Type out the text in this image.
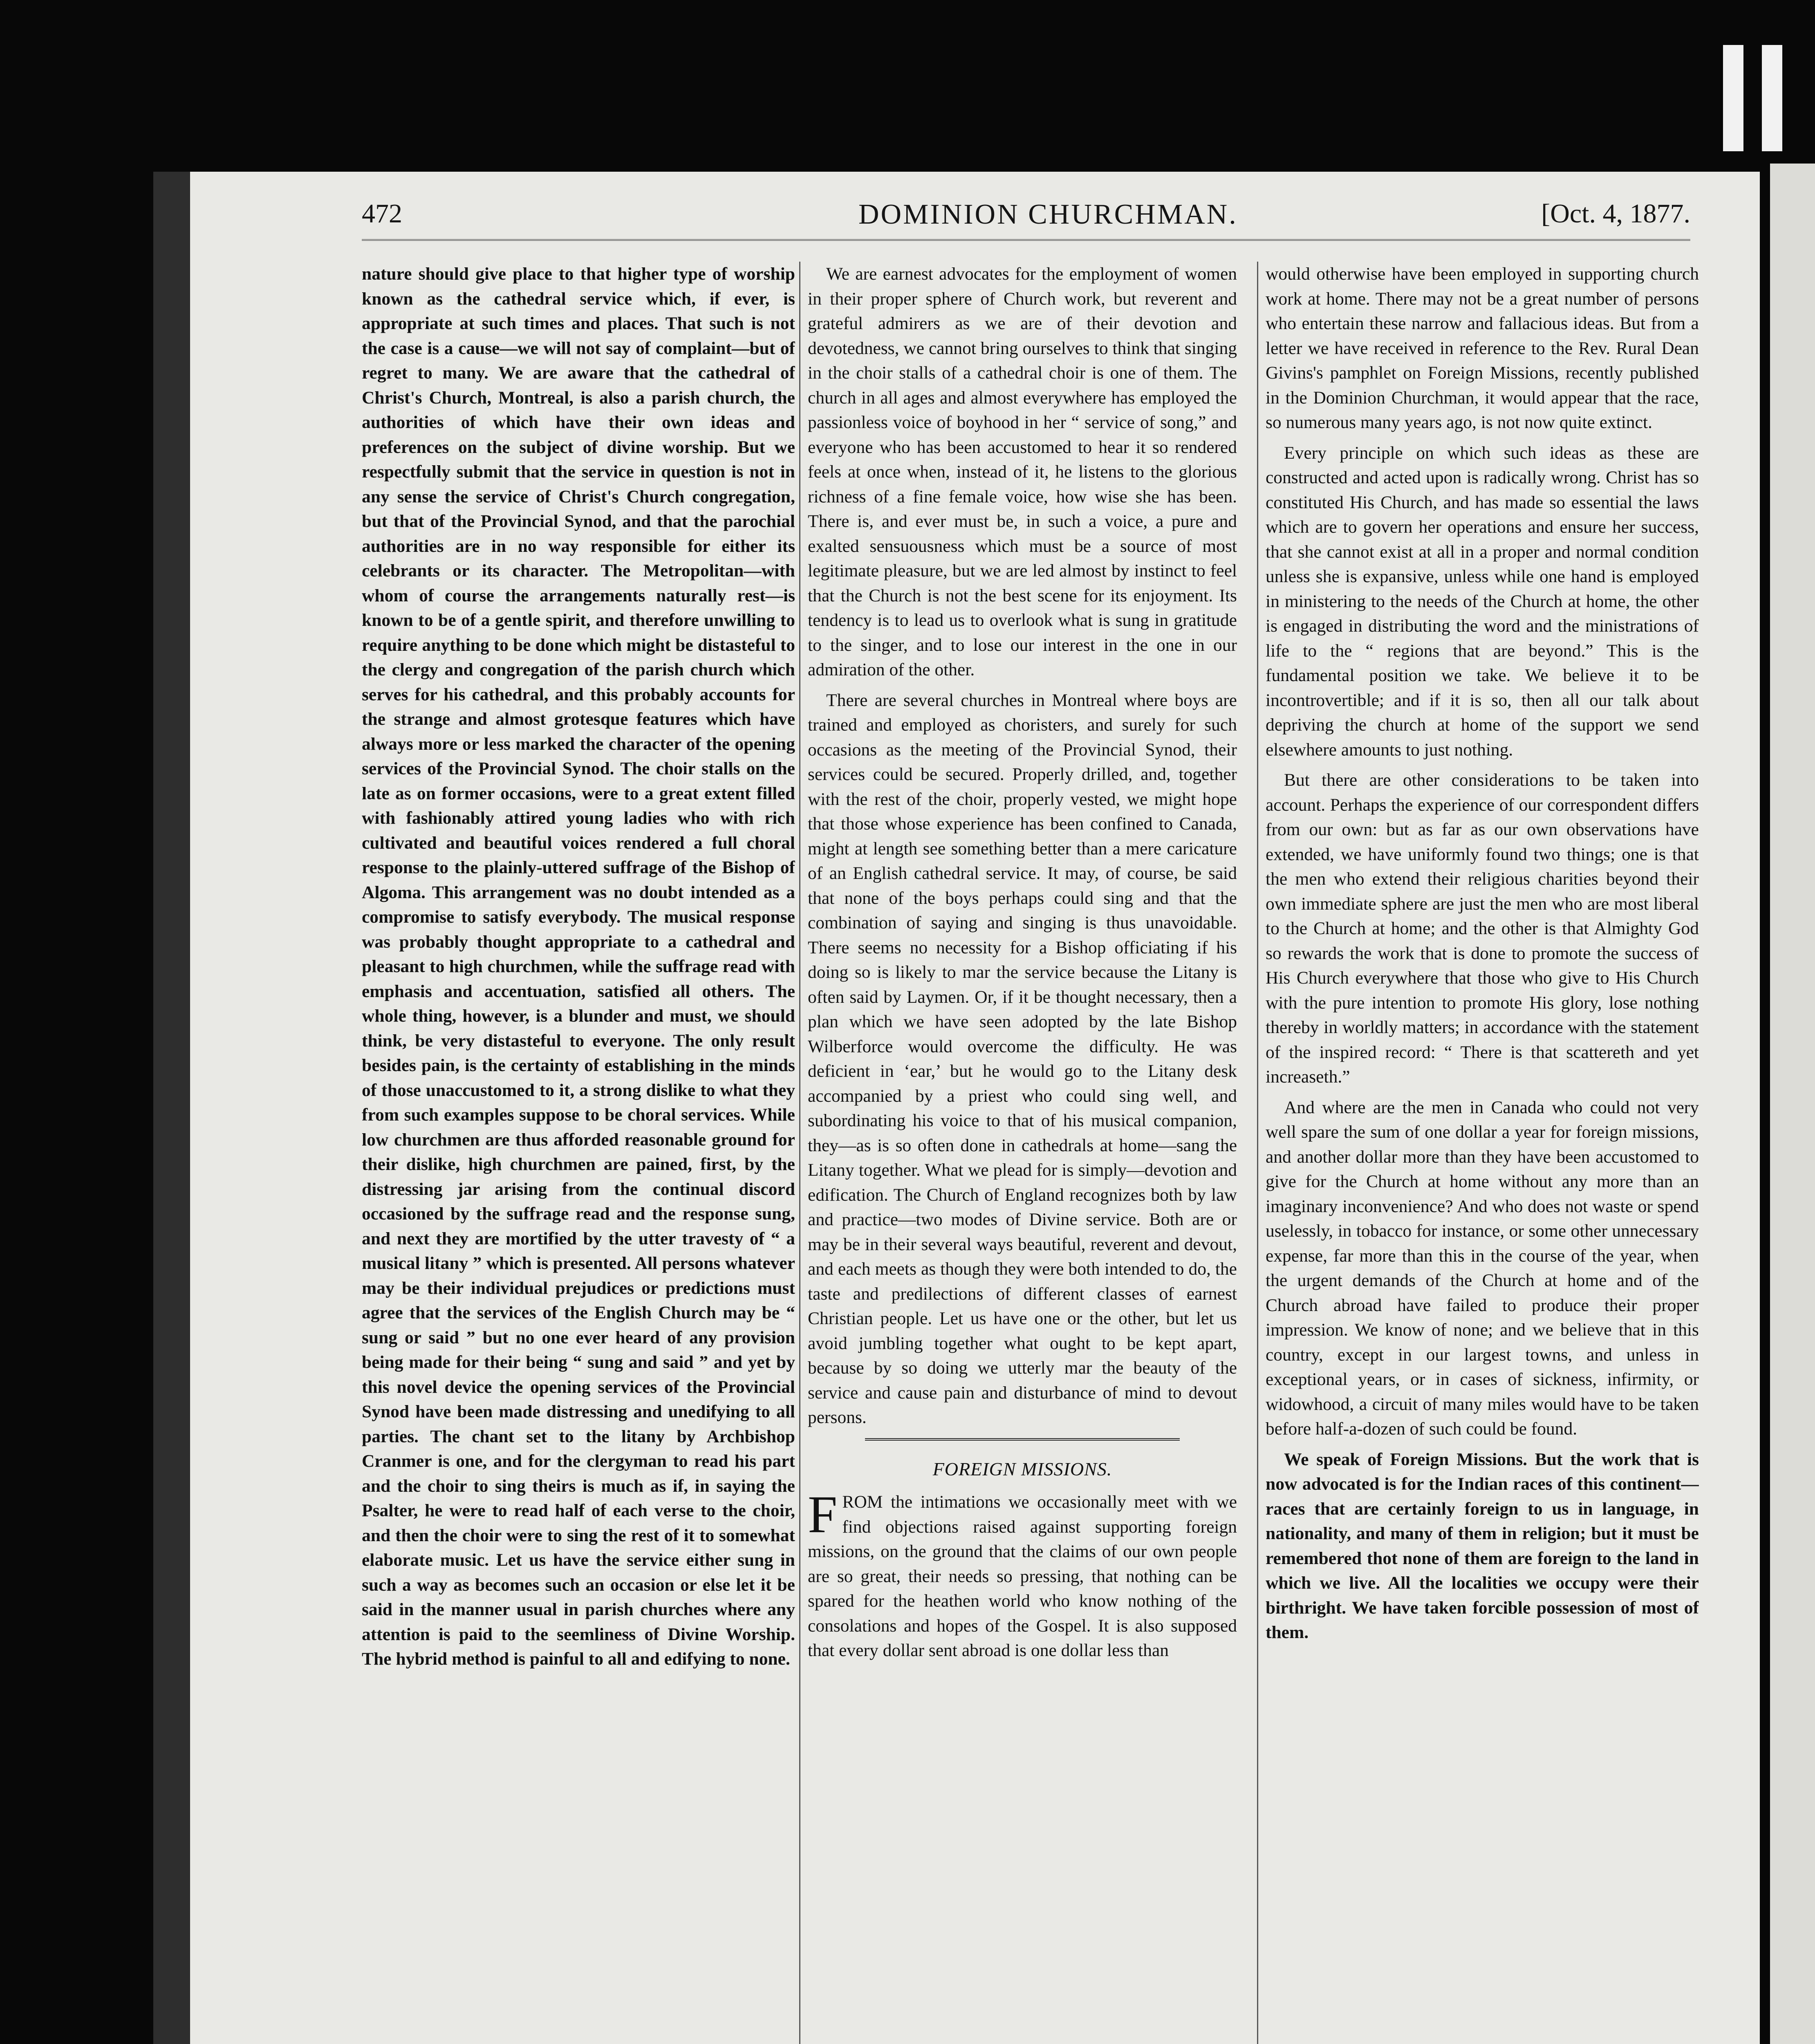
472	DOMINION CHURCHMAN.	[Oct. 4, 1877.

nature should give place to that higher type of worship known as the cathedral service which, if ever, is appropriate at such times and places. That such is not the case is a cause—we will not say of complaint—but of regret to many. We are aware that the cathedral of Christ's Church, Montreal, is also a parish church, the authorities of which have their own ideas and preferences on the subject of divine worship. But we respectfully submit that the service in question is not in any sense the service of Christ's Church congregation, but that of the Provincial Synod, and that the parochial authorities are in no way responsible for either its celebrants or its character. The Metropolitan—with whom of course the arrangements naturally rest—is known to be of a gentle spirit, and therefore unwilling to require anything to be done which might be distasteful to the clergy and congregation of the parish church which serves for his cathedral, and this probably accounts for the strange and almost grotesque features which have always more or less marked the character of the opening services of the Provincial Synod. The choir stalls on the late as on former occasions, were to a great extent filled with fashionably attired young ladies who with rich cultivated and beautiful voices rendered a full choral response to the plainly-uttered suffrage of the Bishop of Algoma. This arrangement was no doubt intended as a compromise to satisfy everybody. The musical response was probably thought appropriate to a cathedral and pleasant to high churchmen, while the suffrage read with emphasis and accentuation, satisfied all others. The whole thing, however, is a blunder and must, we should think, be very distasteful to everyone. The only result besides pain, is the certainty of establishing in the minds of those unaccustomed to it, a strong dislike to what they from such examples suppose to be choral services. While low churchmen are thus afforded reasonable ground for their dislike, high churchmen are pained, first, by the distressing jar arising from the continual discord occasioned by the suffrage read and the response sung, and next they are mortified by the utter travesty of “ a musical litany ” which is presented. All persons whatever may be their individual prejudices or predictions must agree that the services of the English Church may be “ sung or said ” but no one ever heard of any provision being made for their being “ sung and said ” and yet by this novel device the opening services of the Provincial Synod have been made distressing and unedifying to all parties. The chant set to the litany by Archbishop Cranmer is one, and for the clergyman to read his part and the choir to sing theirs is much as if, in saying the Psalter, he were to read half of each verse to the choir, and then the choir were to sing the rest of it to somewhat elaborate music. Let us have the service either sung in such a way as becomes such an occasion or else let it be said in the manner usual in parish churches where any attention is paid to the seemliness of Divine Worship. The hybrid method is painful to all and edifying to none.

We are earnest advocates for the employment of women in their proper sphere of Church work, but reverent and grateful admirers as we are of their devotion and devotedness, we cannot bring ourselves to think that singing in the choir stalls of a cathedral choir is one of them. The church in all ages and almost everywhere has employed the passionless voice of boyhood in her “ service of song,” and everyone who has been accustomed to hear it so rendered feels at once when, instead of it, he listens to the glorious richness of a fine female voice, how wise she has been. There is, and ever must be, in such a voice, a pure and exalted sensuousness which must be a source of most legitimate pleasure, but we are led almost by instinct to feel that the Church is not the best scene for its enjoyment. Its tendency is to lead us to overlook what is sung in gratitude to the singer, and to lose our interest in the one in our admiration of the other.

There are several churches in Montreal where boys are trained and employed as choristers, and surely for such occasions as the meeting of the Provincial Synod, their services could be secured. Properly drilled, and, together with the rest of the choir, properly vested, we might hope that those whose experience has been confined to Canada, might at length see something better than a mere caricature of an English cathedral service. It may, of course, be said that none of the boys perhaps could sing and that the combination of saying and singing is thus unavoidable. There seems no necessity for a Bishop officiating if his doing so is likely to mar the service because the Litany is often said by Laymen. Or, if it be thought necessary, then a plan which we have seen adopted by the late Bishop Wilberforce would overcome the difficulty. He was deficient in ‘ear,’ but he would go to the Litany desk accompanied by a priest who could sing well, and subordinating his voice to that of his musical companion, they—as is so often done in cathedrals at home—sang the Litany together. What we plead for is simply—devotion and edification. The Church of England recognizes both by law and practice—two modes of Divine service. Both are or may be in their several ways beautiful, reverent and devout, and each meets as though they were both intended to do, the taste and predilections of different classes of earnest Christian people. Let us have one or the other, but let us avoid jumbling together what ought to be kept apart, because by so doing we utterly mar the beauty of the service and cause pain and disturbance of mind to devout persons.

FOREIGN MISSIONS.

FROM the intimations we occasionally meet with we find objections raised against supporting foreign missions, on the ground that the claims of our own people are so great, their needs so pressing, that nothing can be spared for the heathen world who know nothing of the consolations and hopes of the Gospel. It is also supposed that every dollar sent abroad is one dollar less than

would otherwise have been employed in supporting church work at home. There may not be a great number of persons who entertain these narrow and fallacious ideas. But from a letter we have received in reference to the Rev. Rural Dean Givins's pamphlet on Foreign Missions, recently published in the Dominion Churchman, it would appear that the race, so numerous many years ago, is not now quite extinct.

Every principle on which such ideas as these are constructed and acted upon is radically wrong. Christ has so constituted His Church, and has made so essential the laws which are to govern her operations and ensure her success, that she cannot exist at all in a proper and normal condition unless she is expansive, unless while one hand is employed in ministering to the needs of the Church at home, the other is engaged in distributing the word and the ministrations of life to the “ regions that are beyond.” This is the fundamental position we take. We believe it to be incontrovertible; and if it is so, then all our talk about depriving the church at home of the support we send elsewhere amounts to just nothing.

But there are other considerations to be taken into account. Perhaps the experience of our correspondent differs from our own: but as far as our own observations have extended, we have uniformly found two things; one is that the men who extend their religious charities beyond their own immediate sphere are just the men who are most liberal to the Church at home; and the other is that Almighty God so rewards the work that is done to promote the success of His Church everywhere that those who give to His Church with the pure intention to promote His glory, lose nothing thereby in worldly matters; in accordance with the statement of the inspired record: “ There is that scattereth and yet increaseth.”

And where are the men in Canada who could not very well spare the sum of one dollar a year for foreign missions, and another dollar more than they have been accustomed to give for the Church at home without any more than an imaginary inconvenience? And who does not waste or spend uselessly, in tobacco for instance, or some other unnecessary expense, far more than this in the course of the year, when the urgent demands of the Church at home and of the Church abroad have failed to produce their proper impression. We know of none; and we believe that in this country, except in our largest towns, and unless in exceptional years, or in cases of sickness, infirmity, or widowhood, a circuit of many miles would have to be taken before half-a-dozen of such could be found.

We speak of Foreign Missions. But the work that is now advocated is for the Indian races of this continent—races that are certainly foreign to us in language, in nationality, and many of them in religion; but it must be remembered thot none of them are foreign to the land in which we live. All the localities we occupy were their birthright. We have taken forcible possession of most of them.
